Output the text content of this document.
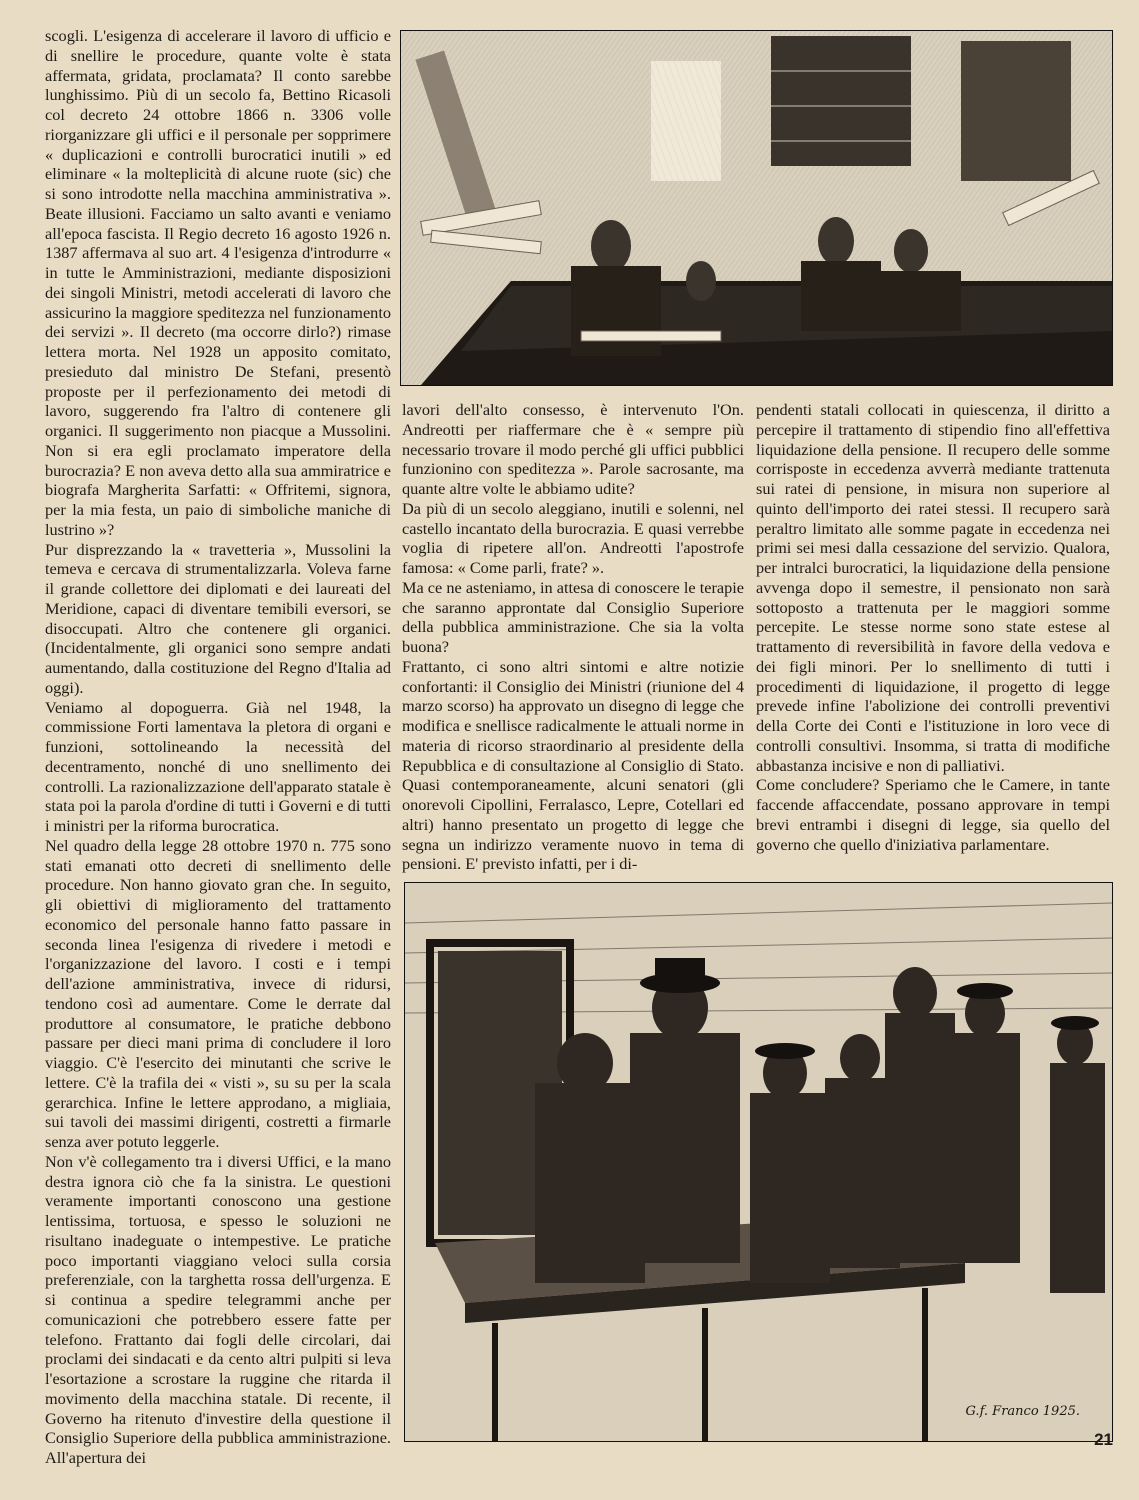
scogli. L'esigenza di accelerare il lavoro di ufficio e di snellire le procedure, quante volte è stata affermata, gridata, proclamata? Il conto sarebbe lunghissimo. Più di un secolo fa, Bettino Ricasoli col decreto 24 ottobre 1866 n. 3306 volle riorganizzare gli uffici e il personale per sopprimere « duplicazioni e controlli burocratici inutili » ed eliminare « la molteplicità di alcune ruote (sic) che si sono introdotte nella macchina amministrativa ». Beate illusioni. Facciamo un salto avanti e veniamo all'epoca fascista. Il Regio decreto 16 agosto 1926 n. 1387 affermava al suo art. 4 l'esigenza d'introdurre « in tutte le Amministrazioni, mediante disposizioni dei singoli Ministri, metodi accelerati di lavoro che assicurino la maggiore speditezza nel funzionamento dei servizi ». Il decreto (ma occorre dirlo?) rimase lettera morta. Nel 1928 un apposito comitato, presieduto dal ministro De Stefani, presentò proposte per il perfezionamento dei metodi di lavoro, suggerendo fra l'altro di contenere gli organici. Il suggerimento non piacque a Mussolini. Non si era egli proclamato imperatore della burocrazia? E non aveva detto alla sua ammiratrice e biografa Margherita Sarfatti: « Offritemi, signora, per la mia festa, un paio di simboliche maniche di lustrino »?

Pur disprezzando la « travetteria », Mussolini la temeva e cercava di strumentalizzarla. Voleva farne il grande collettore dei diplomati e dei laureati del Meridione, capaci di diventare temibili eversori, se disoccupati. Altro che contenere gli organici. (Incidentalmente, gli organici sono sempre andati aumentando, dalla costituzione del Regno d'Italia ad oggi).

Veniamo al dopoguerra. Già nel 1948, la commissione Forti lamentava la pletora di organi e funzioni, sottolineando la necessità del decentramento, nonché di uno snellimento dei controlli. La razionalizzazione dell'apparato statale è stata poi la parola d'ordine di tutti i Governi e di tutti i ministri per la riforma burocratica.

Nel quadro della legge 28 ottobre 1970 n. 775 sono stati emanati otto decreti di snellimento delle procedure. Non hanno giovato gran che. In seguito, gli obiettivi di miglioramento del trattamento economico del personale hanno fatto passare in seconda linea l'esigenza di rivedere i metodi e l'organizzazione del lavoro. I costi e i tempi dell'azione amministrativa, invece di ridursi, tendono così ad aumentare. Come le derrate dal produttore al consumatore, le pratiche debbono passare per dieci mani prima di concludere il loro viaggio. C'è l'esercito dei minutanti che scrive le lettere. C'è la trafila dei « visti », su su per la scala gerarchica. Infine le lettere approdano, a migliaia, sui tavoli dei massimi dirigenti, costretti a firmarle senza aver potuto leggerle.

Non v'è collegamento tra i diversi Uffici, e la mano destra ignora ciò che fa la sinistra. Le questioni veramente importanti conoscono una gestione lentissima, tortuosa, e spesso le soluzioni ne risultano inadeguate o intempestive. Le pratiche poco importanti viaggiano veloci sulla corsia preferenziale, con la targhetta rossa dell'urgenza. E si continua a spedire telegrammi anche per comunicazioni che potrebbero essere fatte per telefono. Frattanto dai fogli delle circolari, dai proclami dei sindacati e da cento altri pulpiti si leva l'esortazione a scrostare la ruggine che ritarda il movimento della macchina statale. Di recente, il Governo ha ritenuto d'investire della questione il Consiglio Superiore della pubblica amministrazione. All'apertura dei

lavori dell'alto consesso, è intervenuto l'On. Andreotti per riaffermare che è « sempre più necessario trovare il modo perché gli uffici pubblici funzionino con speditezza ». Parole sacrosante, ma quante altre volte le abbiamo udite?

Da più di un secolo aleggiano, inutili e solenni, nel castello incantato della burocrazia. E quasi verrebbe voglia di ripetere all'on. Andreotti l'apostrofe famosa: « Come parli, frate? ».

Ma ce ne asteniamo, in attesa di conoscere le terapie che saranno approntate dal Consiglio Superiore della pubblica amministrazione. Che sia la volta buona?

Frattanto, ci sono altri sintomi e altre notizie confortanti: il Consiglio dei Ministri (riunione del 4 marzo scorso) ha approvato un disegno di legge che modifica e snellisce radicalmente le attuali norme in materia di ricorso straordinario al presidente della Repubblica e di consultazione al Consiglio di Stato. Quasi contemporaneamente, alcuni senatori (gli onorevoli Cipollini, Ferralasco, Lepre, Cotellari ed altri) hanno presentato un progetto di legge che segna un indirizzo veramente nuovo in tema di pensioni. E' previsto infatti, per i di-

pendenti statali collocati in quiescenza, il diritto a percepire il trattamento di stipendio fino all'effettiva liquidazione della pensione. Il recupero delle somme corrisposte in eccedenza avverrà mediante trattenuta sui ratei di pensione, in misura non superiore al quinto dell'importo dei ratei stessi. Il recupero sarà peraltro limitato alle somme pagate in eccedenza nei primi sei mesi dalla cessazione del servizio. Qualora, per intralci burocratici, la liquidazione della pensione avvenga dopo il semestre, il pensionato non sarà sottoposto a trattenuta per le maggiori somme percepite. Le stesse norme sono state estese al trattamento di reversibilità in favore della vedova e dei figli minori. Per lo snellimento di tutti i procedimenti di liquidazione, il progetto di legge prevede infine l'abolizione dei controlli preventivi della Corte dei Conti e l'istituzione in loro vece di controlli consultivi. Insomma, si tratta di modifiche abbastanza incisive e non di palliativi.

Come concludere? Speriamo che le Camere, in tante faccende affaccendate, possano approvare in tempi brevi entrambi i disegni di legge, sia quello del governo che quello d'iniziativa parlamentare.

G.f. Franco 1925.
21
